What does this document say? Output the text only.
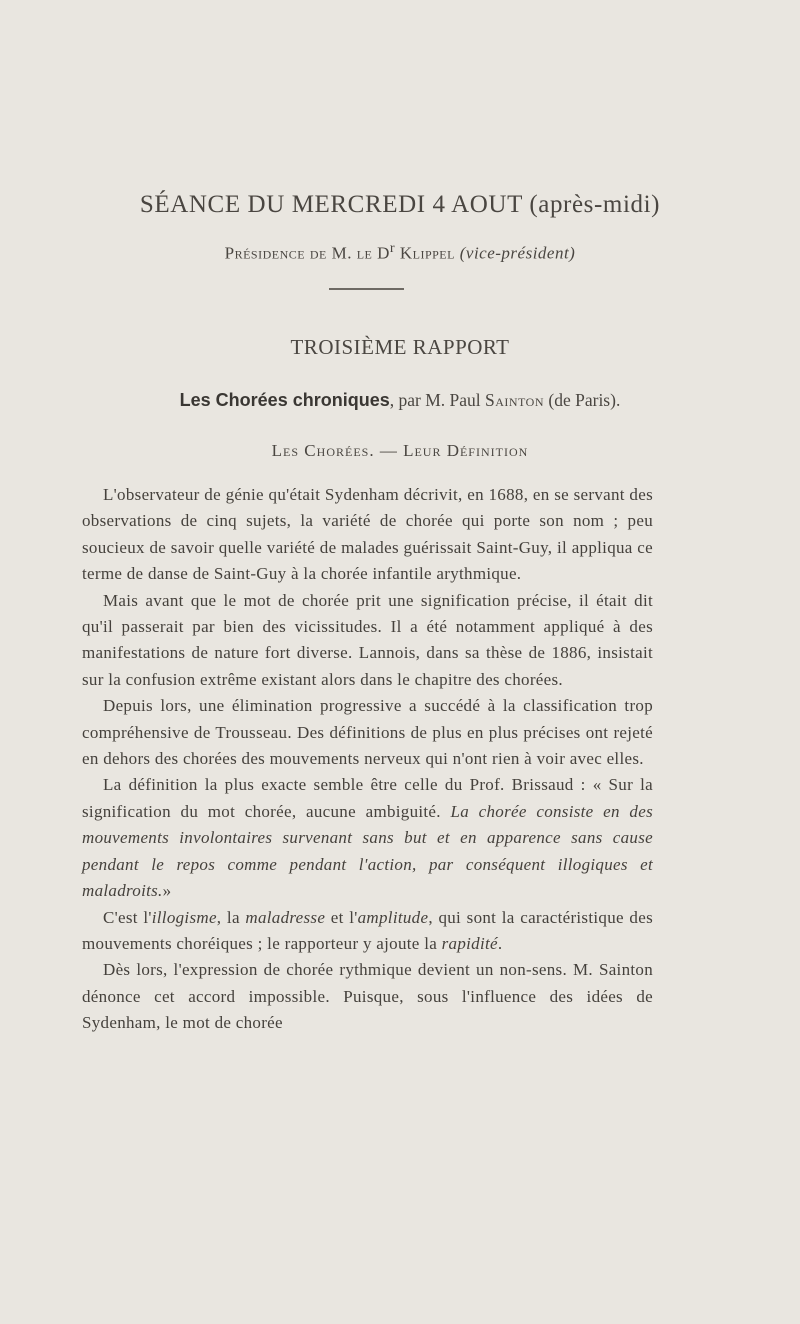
SÉANCE DU MERCREDI 4 AOUT (après-midi)
Présidence de M. le $D^r$ Klippel (vice-président)
TROISIÈME RAPPORT
Les Chorées chroniques, par M. Paul Sainton (de Paris).
Les Chorées. — Leur Définition

L'observateur de génie qu'était Sydenham décrivit, en 1688, en se servant des observations de cinq sujets, la variété de chorée qui porte son nom ; peu soucieux de savoir quelle variété de malades guérissait Saint-Guy, il appliqua ce terme de danse de Saint-Guy à la chorée infantile arythmique.

Mais avant que le mot de chorée prit une signification précise, il était dit qu'il passerait par bien des vicissitudes. Il a été notamment appliqué à des manifestations de nature fort diverse. Lannois, dans sa thèse de 1886, insistait sur la confusion extrême existant alors dans le chapitre des chorées.

Depuis lors, une élimination progressive a succédé à la classification trop compréhensive de Trousseau. Des définitions de plus en plus précises ont rejeté en dehors des chorées des mouvements nerveux qui n'ont rien à voir avec elles.

La définition la plus exacte semble être celle du Prof. Brissaud : « Sur la signification du mot chorée, aucune ambiguité. La chorée consiste en des mouvements involontaires survenant sans but et en apparence sans cause pendant le repos comme pendant l'action, par conséquent illogiques et maladroits.»

C'est l'illogisme, la maladresse et l'amplitude, qui sont la caractéristique des mouvements choréiques ; le rapporteur y ajoute la rapidité.

Dès lors, l'expression de chorée rythmique devient un non-sens. M. Sainton dénonce cet accord impossible. Puisque, sous l'influence des idées de Sydenham, le mot de chorée
